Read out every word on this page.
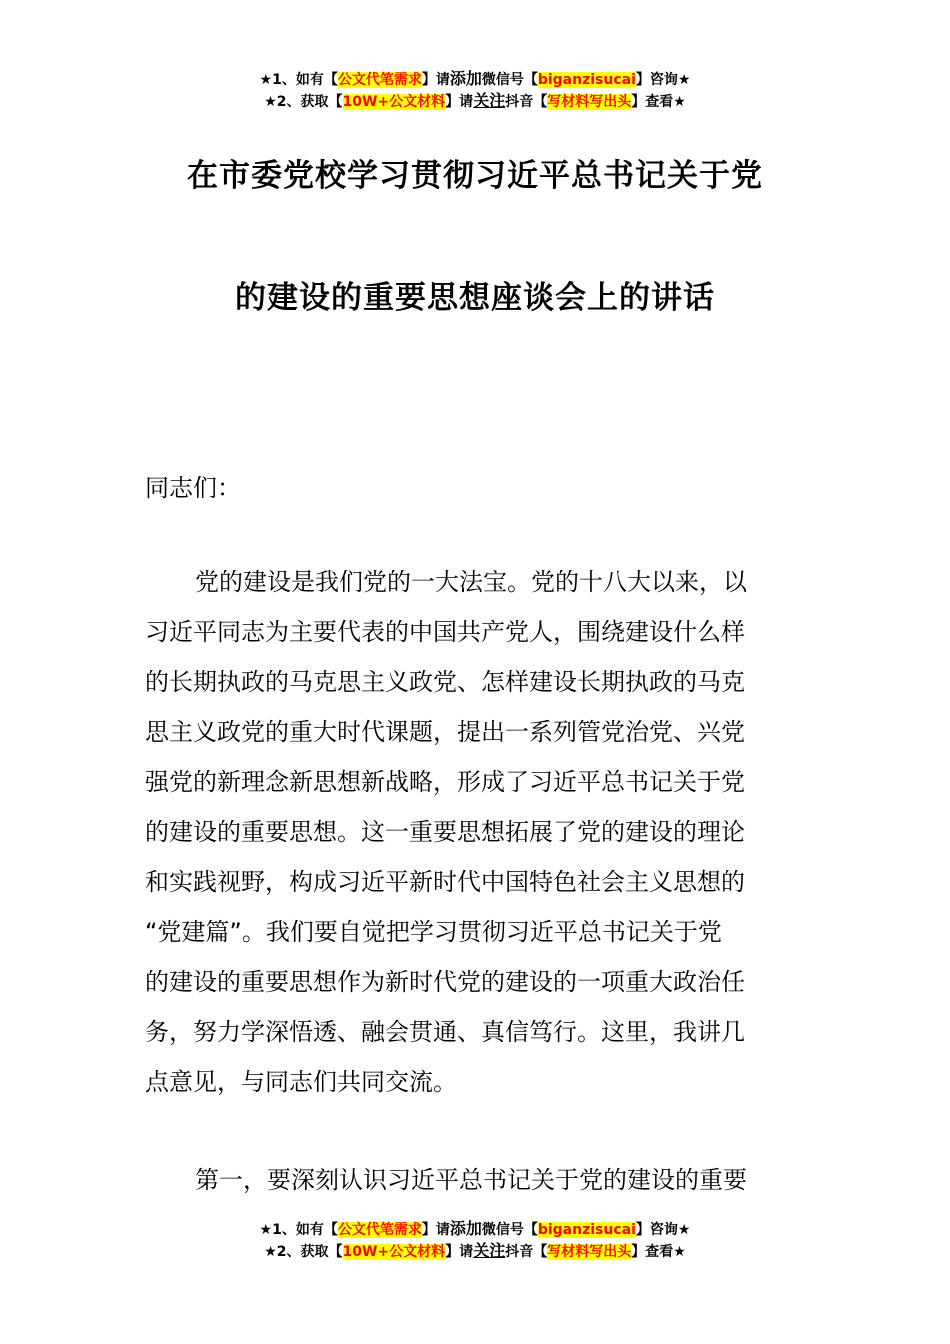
★1、如有【公文代笔需求】请添加微信号【biganzisucai】咨询★
★2、获取【10W+公文材料】请关注抖音【写材料写出头】查看★
在市委党校学习贯彻习近平总书记关于党
的建设的重要思想座谈会上的讲话
同志们：
党的建设是我们党的一大法宝。党的十八大以来，以
习近平同志为主要代表的中国共产党人，围绕建设什么样
的长期执政的马克思主义政党、怎样建设长期执政的马克
思主义政党的重大时代课题，提出一系列管党治党、兴党
强党的新理念新思想新战略，形成了习近平总书记关于党
的建设的重要思想。这一重要思想拓展了党的建设的理论
和实践视野，构成习近平新时代中国特色社会主义思想的
“党建篇”。我们要自觉把学习贯彻习近平总书记关于党
的建设的重要思想作为新时代党的建设的一项重大政治任
务，努力学深悟透、融会贯通、真信笃行。这里，我讲几
点意见，与同志们共同交流。
第一，要深刻认识习近平总书记关于党的建设的重要
★1、如有【公文代笔需求】请添加微信号【biganzisucai】咨询★
★2、获取【10W+公文材料】请关注抖音【写材料写出头】查看★
